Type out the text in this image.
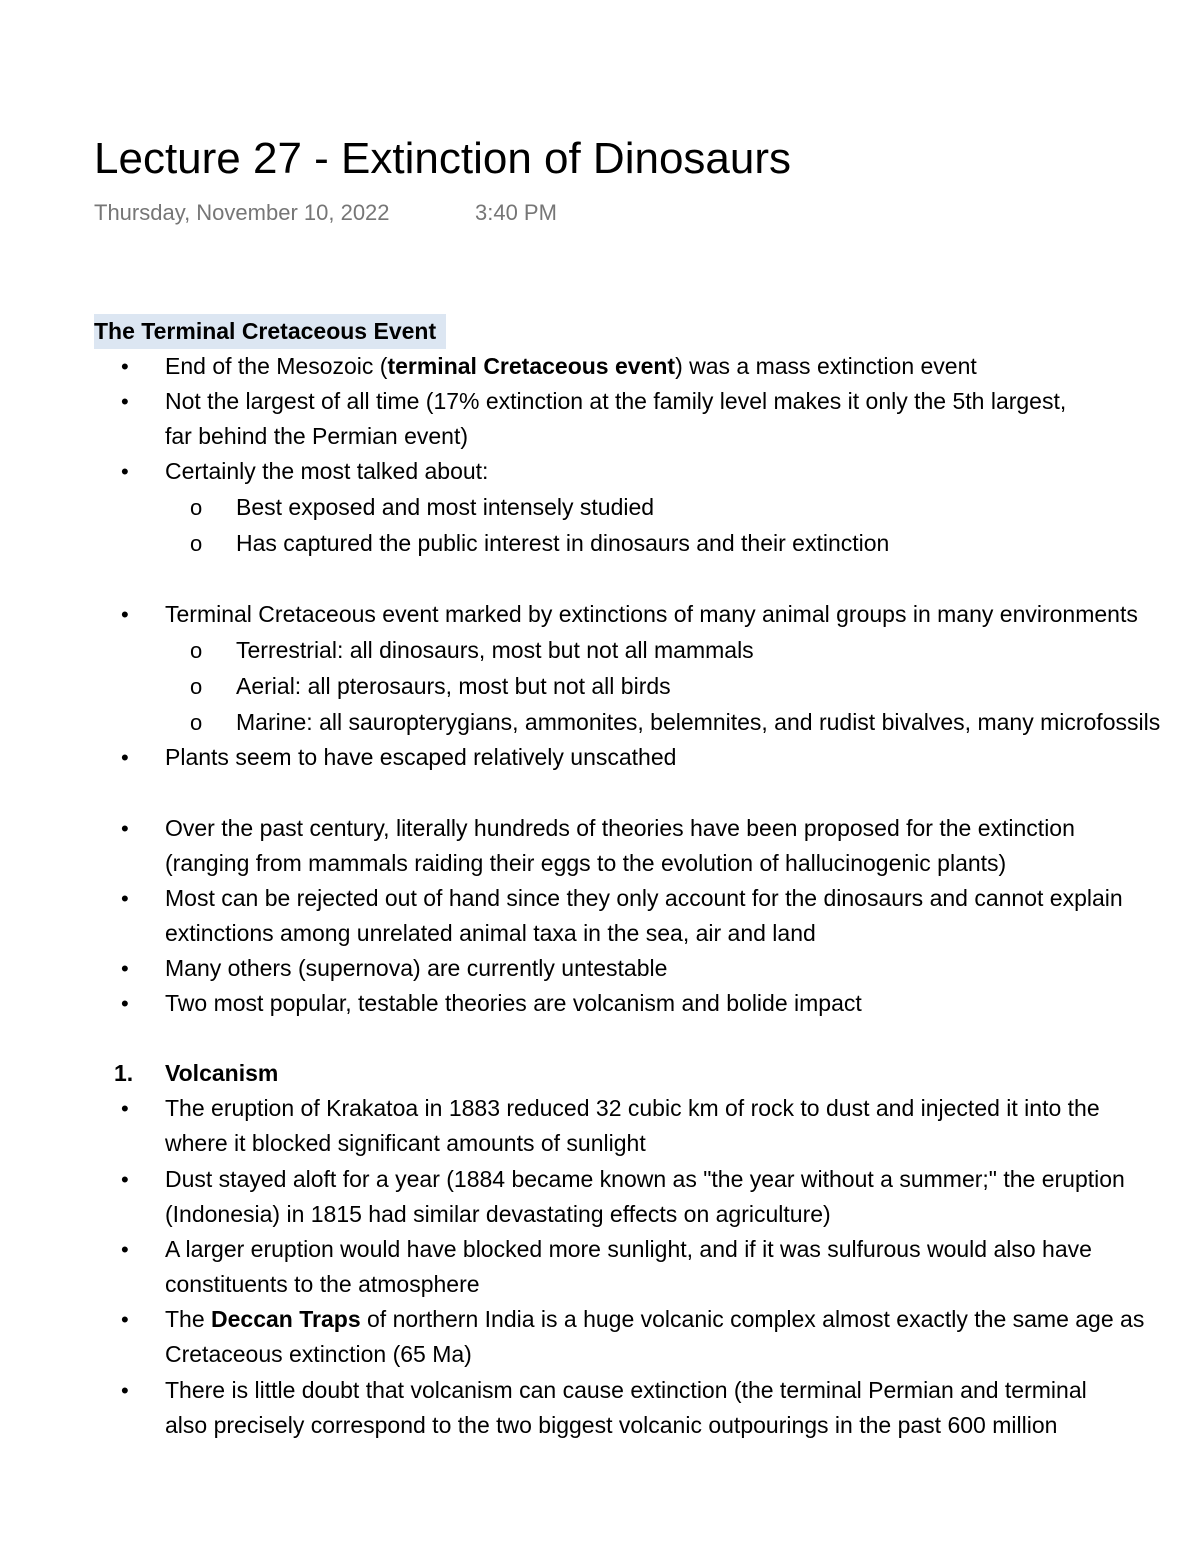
Lecture 27 - Extinction of Dinosaurs
Thursday, November 10, 2022	3:40 PM
The Terminal Cretaceous Event
• End of the Mesozoic (terminal Cretaceous event) was a mass extinction event
• Not the largest of all time (17% extinction at the family level makes it only the 5th largest,
far behind the Permian event)
• Certainly the most talked about:
o Best exposed and most intensely studied
o Has captured the public interest in dinosaurs and their extinction
• Terminal Cretaceous event marked by extinctions of many animal groups in many environments
o Terrestrial: all dinosaurs, most but not all mammals
o Aerial: all pterosaurs, most but not all birds
o Marine: all sauropterygians, ammonites, belemnites, and rudist bivalves, many microfossils
• Plants seem to have escaped relatively unscathed
• Over the past century, literally hundreds of theories have been proposed for the extinction
(ranging from mammals raiding their eggs to the evolution of hallucinogenic plants)
• Most can be rejected out of hand since they only account for the dinosaurs and cannot explain
extinctions among unrelated animal taxa in the sea, air and land
• Many others (supernova) are currently untestable
• Two most popular, testable theories are volcanism and bolide impact
1. Volcanism
• The eruption of Krakatoa in 1883 reduced 32 cubic km of rock to dust and injected it into the
where it blocked significant amounts of sunlight
• Dust stayed aloft for a year (1884 became known as "the year without a summer;" the eruption
(Indonesia) in 1815 had similar devastating effects on agriculture)
• A larger eruption would have blocked more sunlight, and if it was sulfurous would also have
constituents to the atmosphere
• The Deccan Traps of northern India is a huge volcanic complex almost exactly the same age as
Cretaceous extinction (65 Ma)
• There is little doubt that volcanism can cause extinction (the terminal Permian and terminal
also precisely correspond to the two biggest volcanic outpourings in the past 600 million
